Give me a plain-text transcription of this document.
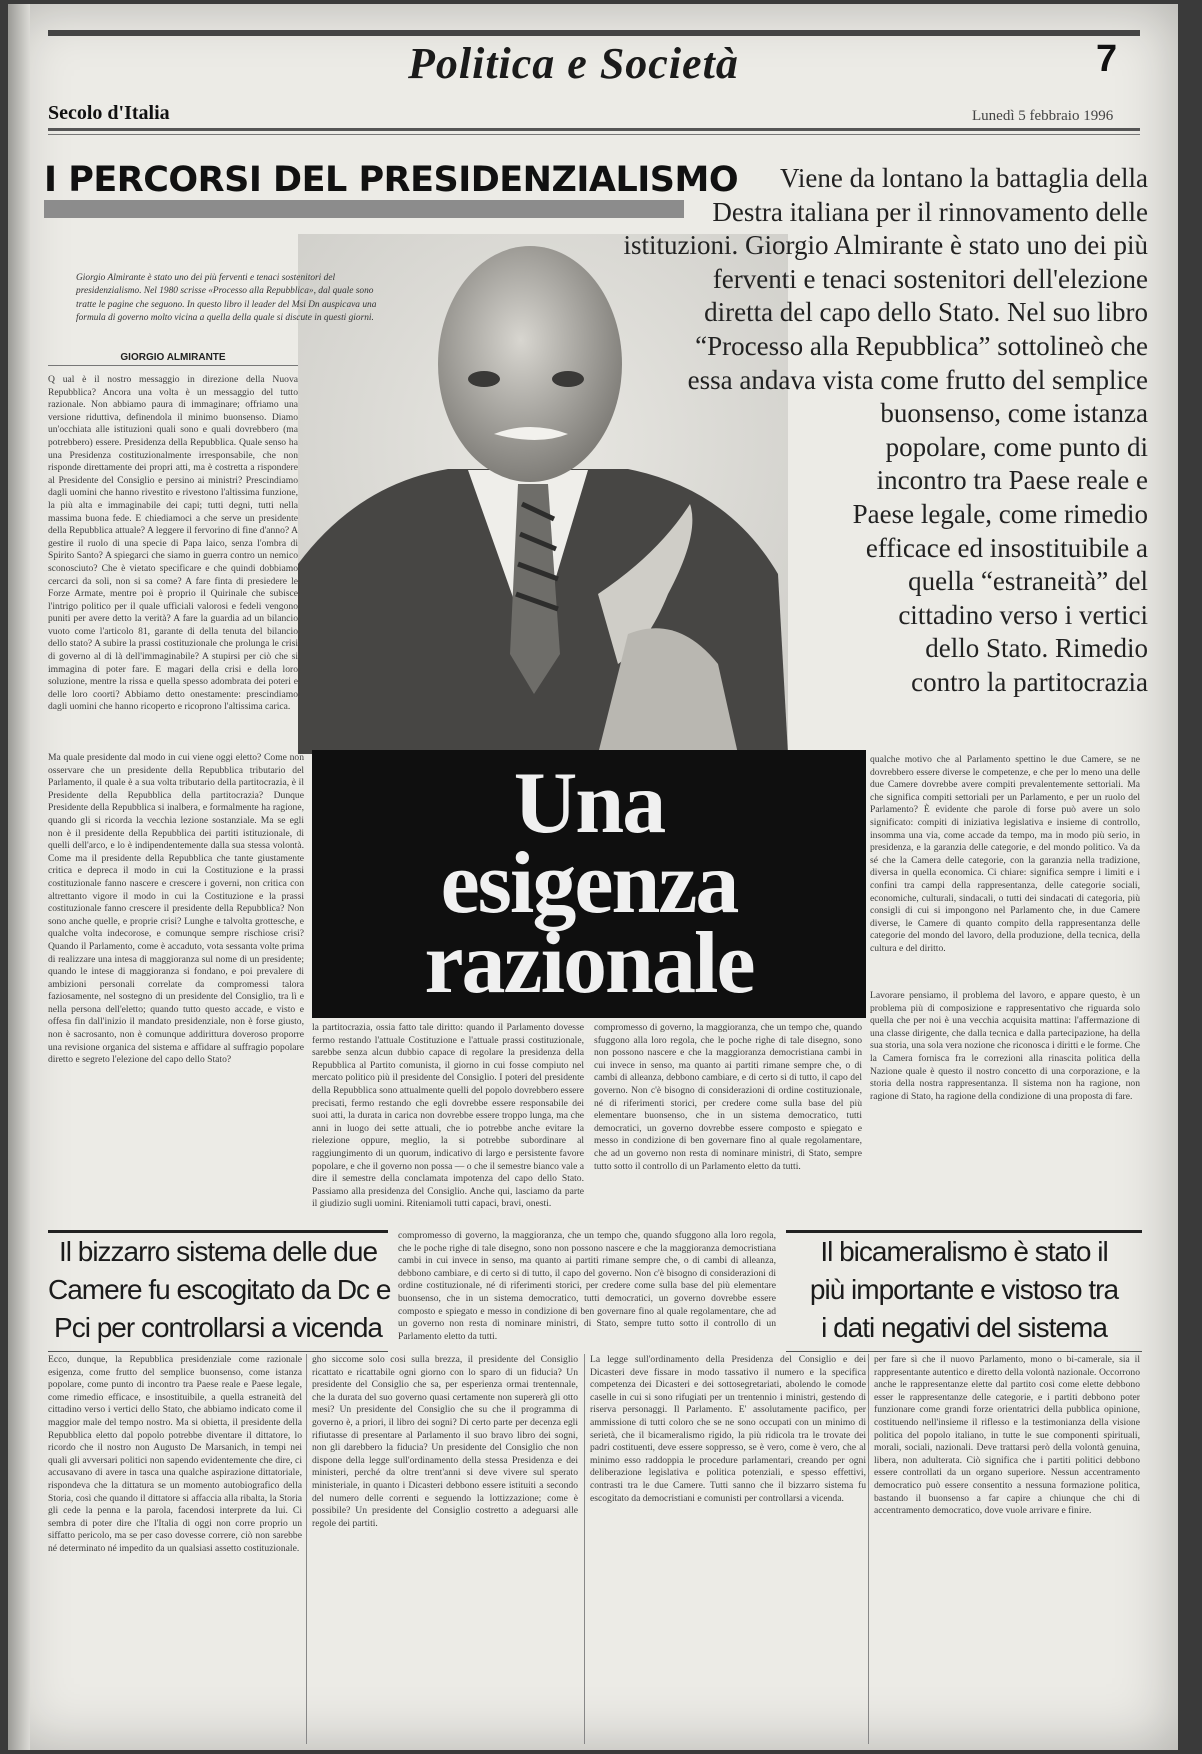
Politica e Società	7
Secolo d'Italia	Lunedì 5 febbraio 1996
I PERCORSI DEL PRESIDENZIALISMO	Viene da lontano la battaglia della
Destra italiana per il rinnovamento delle
istituzioni. Giorgio Almirante è stato uno dei più
ferventi e tenaci sostenitori dell'elezione
diretta del capo dello Stato. Nel suo libro
“Processo alla Repubblica” sottolineò che
essa andava vista come frutto del semplice
buonsenso, come istanza
popolare, come punto di
incontro tra Paese reale e
Paese legale, come rimedio
efficace ed insostituibile a
quella “estraneità” del
cittadino verso i vertici
dello Stato. Rimedio
contro la partitocrazia
Giorgio Almirante è stato uno dei più ferventi e tenaci sostenitori del presidenzialismo. Nel 1980 scrisse «Processo alla Repubblica», dal quale sono tratte le pagine che seguono. In questo libro il leader del Msi Dn auspicava una formula di governo molto vicina a quella della quale si discute in questi giorni.
GIORGIO ALMIRANTE
Q ual è il nostro messaggio in direzione della Nuova Repubblica? Ancora una volta è un messaggio del tutto razionale. Non abbiamo paura di immaginare; offriamo una versione riduttiva, definendola il minimo buonsenso. Diamo un'occhiata alle istituzioni quali sono e quali dovrebbero (ma potrebbero) essere. Presidenza della Repubblica. Quale senso ha una Presidenza costituzionalmente irresponsabile, che non risponde direttamente dei propri atti, ma è costretta a rispondere al Presidente del Consiglio e persino ai ministri? Prescindiamo dagli uomini che hanno rivestito e rivestono l'altissima funzione, la più alta e immaginabile dei capi; tutti degni, tutti nella massima buona fede. E chiediamoci a che serve un presidente della Repubblica attuale? A leggere il fervorino di fine d'anno? A gestire il ruolo di una specie di Papa laico, senza l'ombra di Spirito Santo? A spiegarci che siamo in guerra contro un nemico sconosciuto? Che è vietato specificare e che quindi dobbiamo cercarci da soli, non si sa come? A fare finta di presiedere le Forze Armate, mentre poi è proprio il Quirinale che subisce l'intrigo politico per il quale ufficiali valorosi e fedeli vengono puniti per avere detto la verità? A fare la guardia ad un bilancio vuoto come l'articolo 81, garante di della tenuta del bilancio dello stato? A subire la prassi costituzionale che prolunga le crisi di governo al di là dell'immaginabile? A stupirsi per ciò che si immagina di poter fare. E magari della crisi e della loro soluzione, mentre la rissa e quella spesso adombrata dei poteri e delle loro coorti? Abbiamo detto onestamente: prescindiamo dagli uomini che hanno ricoperto e ricoprono l'altissima carica.
Ma quale presidente dal modo in cui viene oggi eletto? Come non osservare che un presidente della Repubblica tributario del Parlamento, il quale è a sua volta tributario della partitocrazia, è il Presidente della Repubblica della partitocrazia? Dunque Presidente della Repubblica si inalbera, e formalmente ha ragione, quando gli si ricorda la vecchia lezione sostanziale. Ma se egli non è il presidente della Repubblica dei partiti istituzionale, di quelli dell'arco, e lo è indipendentemente dalla sua stessa volontà. Come ma il presidente della Repubblica che tante giustamente critica e depreca il modo in cui la Costituzione e la prassi costituzionale fanno nascere e crescere i governi, non critica con altrettanto vigore il modo in cui la Costituzione e la prassi costituzionale fanno crescere il presidente della Repubblica? Non sono anche quelle, e proprie crisi? Lunghe e talvolta grottesche, e qualche volta indecorose, e comunque sempre rischiose crisi? Quando il Parlamento, come è accaduto, vota sessanta volte prima di realizzare una intesa di maggioranza sul nome di un presidente; quando le intese di maggioranza si fondano, e poi prevalere di ambizioni personali correlate da compromessi talora faziosamente, nel sostegno di un presidente del Consiglio, tra lì e nella persona dell'eletto; quando tutto questo accade, e visto e offesa fin dall'inizio il mandato presidenziale, non è forse giusto, non è sacrosanto, non è comunque addirittura doveroso proporre una revisione organica del sistema e affidare al suffragio popolare diretto e segreto l'elezione del capo dello Stato?
Una
esigenza
razionale
qualche motivo che al Parlamento spettino le due Camere, se ne dovrebbero essere diverse le competenze, e che per lo meno una delle due Camere dovrebbe avere compiti prevalentemente settoriali. Ma che significa compiti settoriali per un Parlamento, e per un ruolo del Parlamento? È evidente che parole di forse può avere un solo significato: compiti di iniziativa legislativa e insieme di controllo, insomma una via, come accade da tempo, ma in modo più serio, in presidenza, e la garanzia delle categorie, e del mondo politico. Va da sé che la Camera delle categorie, con la garanzia nella tradizione, diversa in quella economica. Ci chiare: significa sempre i limiti e i confini tra campi della rappresentanza, delle categorie sociali, economiche, culturali, sindacali, o tutti dei sindacati di categoria, più consigli di cui si impongono nel Parlamento che, in due Camere diverse, le Camere di quanto compito della rappresentanza delle categorie del mondo del lavoro, della produzione, della tecnica, della cultura e del diritto.
Lavorare pensiamo, il problema del lavoro, e appare questo, è un problema più di composizione e rappresentativo che riguarda solo quella che per noi è una vecchia acquisita mattina: l'affermazione di una classe dirigente, che dalla tecnica e dalla partecipazione, ha della sua storia, una sola vera nozione che riconosca i diritti e le forme. Che la Camera fornisca fra le correzioni alla rinascita politica della Nazione quale è questo il nostro concetto di una corporazione, e la storia della nostra rappresentanza. Il sistema non ha ragione, non ragione di Stato, ha ragione della condizione di una proposta di fare.
la partitocrazia, ossia fatto tale diritto: quando il Parlamento dovesse fermo restando l'attuale Costituzione e l'attuale prassi costituzionale, sarebbe senza alcun dubbio capace di regolare la presidenza della Repubblica al Partito comunista, il giorno in cui fosse compiuto nel mercato politico più il presidente del Consiglio. I poteri del presidente della Repubblica sono attualmente quelli del popolo dovrebbero essere precisati, fermo restando che egli dovrebbe essere responsabile dei suoi atti, la durata in carica non dovrebbe essere troppo lunga, ma che anni in luogo dei sette attuali, che io potrebbe anche evitare la rielezione oppure, meglio, la si potrebbe subordinare al raggiungimento di un quorum, indicativo di largo e persistente favore popolare, e che il governo non possa — o che il semestre bianco vale a dire il semestre della conclamata impotenza del capo dello Stato. Passiamo alla presidenza del Consiglio. Anche qui, lasciamo da parte il giudizio sugli uomini. Riteniamoli tutti capaci, bravi, onesti.
compromesso di governo, la maggioranza, che un tempo che, quando sfuggono alla loro regola, che le poche righe di tale disegno, sono non possono nascere e che la maggioranza democristiana cambi in cui invece in senso, ma quanto ai partiti rimane sempre che, o di cambi di alleanza, debbono cambiare, e di certo si di tutto, il capo del governo. Non c'è bisogno di considerazioni di ordine costituzionale, né di riferimenti storici, per credere come sulla base del più elementare buonsenso, che in un sistema democratico, tutti democratici, un governo dovrebbe essere composto e spiegato e messo in condizione di ben governare fino al quale regolamentare, che ad un governo non resta di nominare ministri, di Stato, sempre tutto sotto il controllo di un Parlamento eletto da tutti.
Il bizzarro sistema delle due
Camere fu escogitato da Dc e
Pci per controllarsi a vicenda
Il bicameralismo è stato il
più importante e vistoso tra
i dati negativi del sistema
compromesso di governo, la maggioranza, che un tempo che, quando sfuggono alla loro regola, che le poche righe di tale disegno, sono non possono nascere e che la maggioranza democristiana cambi in cui invece in senso, ma quanto ai partiti rimane sempre che, o di cambi di alleanza, debbono cambiare, e di certo si di tutto, il capo del governo. Non c'è bisogno di considerazioni di ordine costituzionale, né di riferimenti storici, per credere come sulla base del più elementare buonsenso, che in un sistema democratico, tutti democratici, un governo dovrebbe essere composto e spiegato e messo in condizione di ben governare fino al quale regolamentare, che ad un governo non resta di nominare ministri, di Stato, sempre tutto sotto il controllo di un Parlamento eletto da tutti.
Ecco, dunque, la Repubblica presidenziale come razionale esigenza, come frutto del semplice buonsenso, come istanza popolare, come punto di incontro tra Paese reale e Paese legale, come rimedio efficace, e insostituibile, a quella estraneità del cittadino verso i vertici dello Stato, che abbiamo indicato come il maggior male del tempo nostro. Ma si obietta, il presidente della Repubblica eletto dal popolo potrebbe diventare il dittatore, lo ricordo che il nostro non Augusto De Marsanich, in tempi nei quali gli avversari politici non sapendo evidentemente che dire, ci accusavano di avere in tasca una qualche aspirazione dittatoriale, rispondeva che la dittatura se un momento autobiografico della Storia, così che quando il dittatore si affaccia alla ribalta, la Storia gli cede la penna e la parola, facendosi interprete da lui. Ci sembra di poter dire che l'Italia di oggi non corre proprio un siffatto pericolo, ma se per caso dovesse correre, ciò non sarebbe né determinato né impedito da un qualsiasi assetto costituzionale.
gho siccome solo cosi sulla brezza, il presidente del Consiglio ricattato e ricattabile ogni giorno con lo sparo di un fiducia? Un presidente del Consiglio che sa, per esperienza ormai trentennale, che la durata del suo governo quasi certamente non supererà gli otto mesi? Un presidente del Consiglio che su che il programma di governo è, a priori, il libro dei sogni? Di certo parte per decenza egli rifiutasse di presentare al Parlamento il suo bravo libro dei sogni, non gli darebbero la fiducia? Un presidente del Consiglio che non dispone della legge sull'ordinamento della stessa Presidenza e dei ministeri, perché da oltre trent'anni si deve vivere sul sperato ministeriale, in quanto i Dicasteri debbono essere istituiti a secondo del numero delle correnti e seguendo la lottizzazione; come è possibile? Un presidente del Consiglio costretto a adeguarsi alle regole dei partiti.
La legge sull'ordinamento della Presidenza del Consiglio e dei Dicasteri deve fissare in modo tassativo il numero e la specifica competenza dei Dicasteri e dei sottosegretariati, abolendo le comode caselle in cui si sono rifugiati per un trentennio i ministri, gestendo di riserva personaggi. Il Parlamento. E' assolutamente pacifico, per ammissione di tutti coloro che se ne sono occupati con un minimo di serietà, che il bicameralismo rigido, la più ridicola tra le trovate dei padri costituenti, deve essere soppresso, se è vero, come è vero, che al minimo esso raddoppia le procedure parlamentari, creando per ogni deliberazione legislativa e politica potenziali, e spesso effettivi, contrasti tra le due Camere. Tutti sanno che il bizzarro sistema fu escogitato da democristiani e comunisti per controllarsi a vicenda.
per fare sì che il nuovo Parlamento, mono o bi-camerale, sia il rappresentante autentico e diretto della volontà nazionale. Occorrono anche le rappresentanze elette dal partito così come elette debbono esser le rappresentanze delle categorie, e i partiti debbono poter funzionare come grandi forze orientatrici della pubblica opinione, costituendo nell'insieme il riflesso e la testimonianza della visione politica del popolo italiano, in tutte le sue componenti spirituali, morali, sociali, nazionali. Deve trattarsi però della volontà genuina, libera, non adulterata. Ciò significa che i partiti politici debbono essere controllati da un organo superiore. Nessun accentramento democratico può essere consentito a nessuna formazione politica, bastando il buonsenso a far capire a chiunque che chi di accentramento democratico, dove vuole arrivare e finire.
